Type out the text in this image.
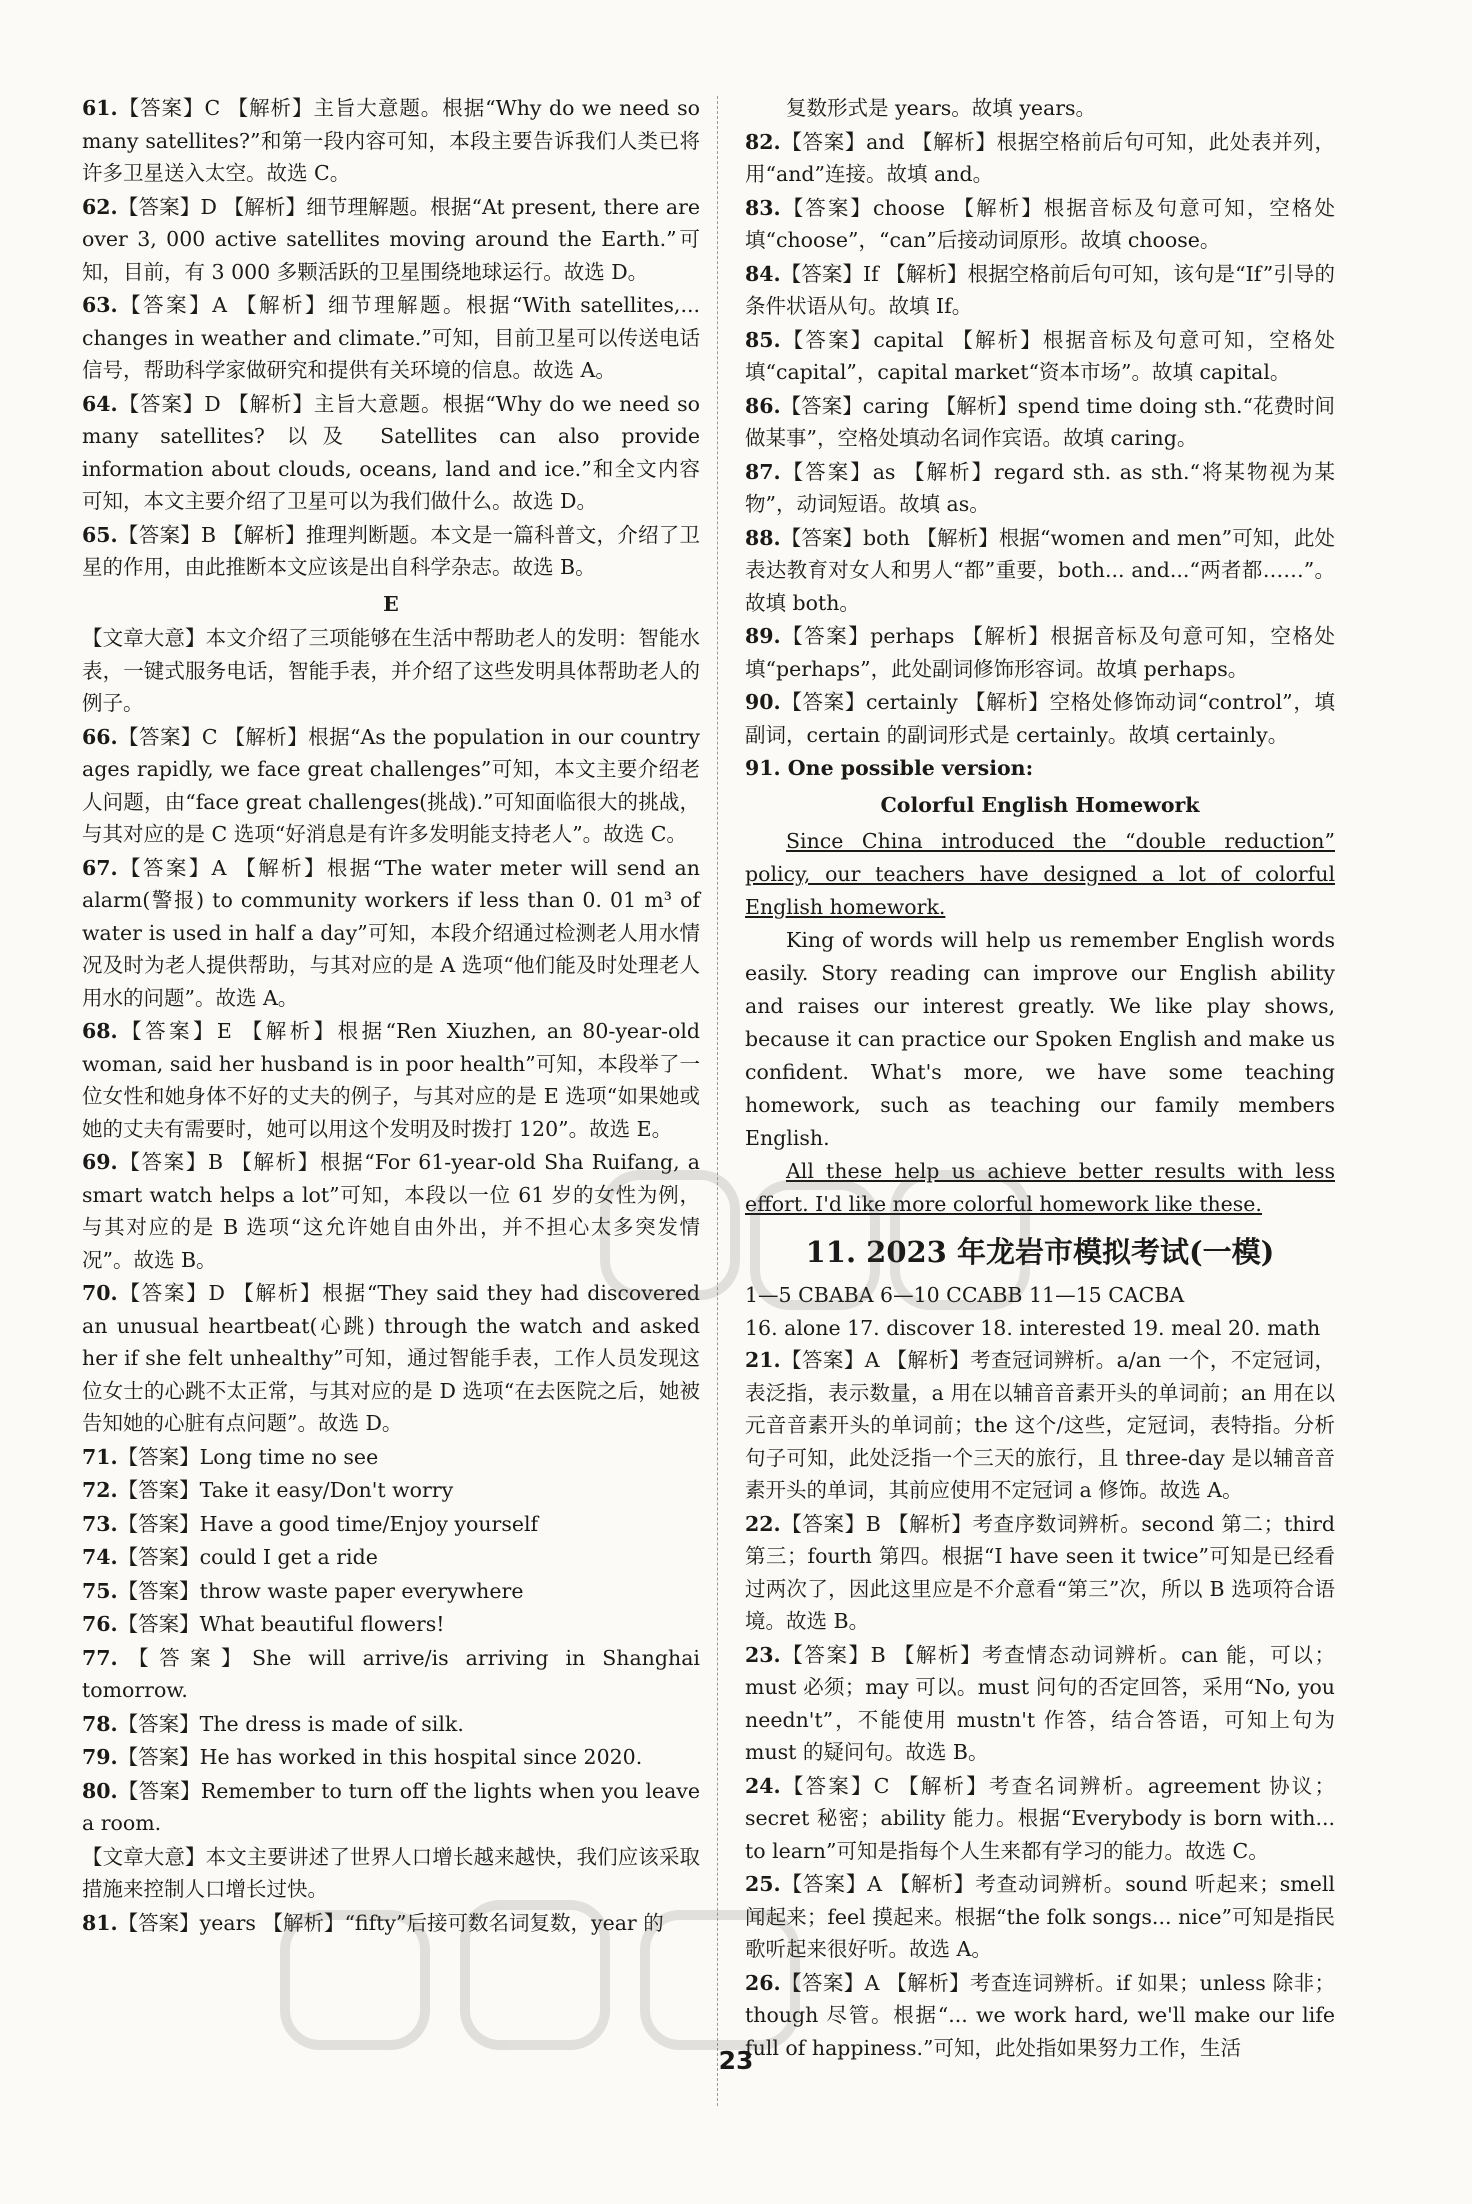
61.【答案】C 【解析】主旨大意题。根据“Why do we need so many satellites?”和第一段内容可知，本段主要告诉我们人类已将许多卫星送入太空。故选 C。
62.【答案】D 【解析】细节理解题。根据“At present, there are over 3, 000 active satellites moving around the Earth.”可知，目前，有 3 000 多颗活跃的卫星围绕地球运行。故选 D。
63.【答案】A 【解析】细节理解题。根据“With satellites,... changes in weather and climate.”可知，目前卫星可以传送电话信号，帮助科学家做研究和提供有关环境的信息。故选 A。
64.【答案】D 【解析】主旨大意题。根据“Why do we need so many satellites? 以及 Satellites can also provide information about clouds, oceans, land and ice.”和全文内容可知，本文主要介绍了卫星可以为我们做什么。故选 D。
65.【答案】B 【解析】推理判断题。本文是一篇科普文，介绍了卫星的作用，由此推断本文应该是出自科学杂志。故选 B。
E
【文章大意】本文介绍了三项能够在生活中帮助老人的发明：智能水表，一键式服务电话，智能手表，并介绍了这些发明具体帮助老人的例子。
66.【答案】C 【解析】根据“As the population in our country ages rapidly, we face great challenges”可知，本文主要介绍老人问题，由“face great challenges(挑战).”可知面临很大的挑战，与其对应的是 C 选项“好消息是有许多发明能支持老人”。故选 C。
67.【答案】A 【解析】根据“The water meter will send an alarm(警报) to community workers if less than 0. 01 m³ of water is used in half a day”可知，本段介绍通过检测老人用水情况及时为老人提供帮助，与其对应的是 A 选项“他们能及时处理老人用水的问题”。故选 A。
68.【答案】E 【解析】根据“Ren Xiuzhen, an 80-year-old woman, said her husband is in poor health”可知，本段举了一位女性和她身体不好的丈夫的例子，与其对应的是 E 选项“如果她或她的丈夫有需要时，她可以用这个发明及时拨打 120”。故选 E。
69.【答案】B 【解析】根据“For 61-year-old Sha Ruifang, a smart watch helps a lot”可知，本段以一位 61 岁的女性为例，与其对应的是 B 选项“这允许她自由外出，并不担心太多突发情况”。故选 B。
70.【答案】D 【解析】根据“They said they had discovered an unusual heartbeat(心跳) through the watch and asked her if she felt unhealthy”可知，通过智能手表，工作人员发现这位女士的心跳不太正常，与其对应的是 D 选项“在去医院之后，她被告知她的心脏有点问题”。故选 D。
71.【答案】Long time no see
72.【答案】Take it easy/Don't worry
73.【答案】Have a good time/Enjoy yourself
74.【答案】could I get a ride
75.【答案】throw waste paper everywhere
76.【答案】What beautiful flowers!
77.【答案】She will arrive/is arriving in Shanghai tomorrow.
78.【答案】The dress is made of silk.
79.【答案】He has worked in this hospital since 2020.
80.【答案】Remember to turn off the lights when you leave a room.
【文章大意】本文主要讲述了世界人口增长越来越快，我们应该采取措施来控制人口增长过快。
81.【答案】years 【解析】“fifty”后接可数名词复数，year 的
复数形式是 years。故填 years。
82.【答案】and 【解析】根据空格前后句可知，此处表并列，用“and”连接。故填 and。
83.【答案】choose 【解析】根据音标及句意可知，空格处填“choose”，“can”后接动词原形。故填 choose。
84.【答案】If 【解析】根据空格前后句可知，该句是“If”引导的条件状语从句。故填 If。
85.【答案】capital 【解析】根据音标及句意可知，空格处填“capital”，capital market“资本市场”。故填 capital。
86.【答案】caring 【解析】spend time doing sth.“花费时间做某事”，空格处填动名词作宾语。故填 caring。
87.【答案】as 【解析】regard sth. as sth.“将某物视为某物”，动词短语。故填 as。
88.【答案】both 【解析】根据“women and men”可知，此处表达教育对女人和男人“都”重要，both... and...“两者都……”。故填 both。
89.【答案】perhaps 【解析】根据音标及句意可知，空格处填“perhaps”，此处副词修饰形容词。故填 perhaps。
90.【答案】certainly 【解析】空格处修饰动词“control”，填副词，certain 的副词形式是 certainly。故填 certainly。
91. One possible version:
Colorful English Homework

Since China introduced the “double reduction” policy, our teachers have designed a lot of colorful English homework.

King of words will help us remember English words easily. Story reading can improve our English ability and raises our interest greatly. We like play shows, because it can practice our Spoken English and make us confident. What's more, we have some teaching homework, such as teaching our family members English.

All these help us achieve better results with less effort. I'd like more colorful homework like these.

11. 2023 年龙岩市模拟考试(一模)
1—5 CBABA 6—10 CCABB 11—15 CACBA
16. alone 17. discover 18. interested 19. meal 20. math
21.【答案】A 【解析】考查冠词辨析。a/an 一个，不定冠词，表泛指，表示数量，a 用在以辅音音素开头的单词前；an 用在以元音音素开头的单词前；the 这个/这些，定冠词，表特指。分析句子可知，此处泛指一个三天的旅行，且 three-day 是以辅音音素开头的单词，其前应使用不定冠词 a 修饰。故选 A。
22.【答案】B 【解析】考查序数词辨析。second 第二；third 第三；fourth 第四。根据“I have seen it twice”可知是已经看过两次了，因此这里应是不介意看“第三”次，所以 B 选项符合语境。故选 B。
23.【答案】B 【解析】考查情态动词辨析。can 能，可以；must 必须；may 可以。must 问句的否定回答，采用“No, you needn't”，不能使用 mustn't 作答，结合答语，可知上句为 must 的疑问句。故选 B。
24.【答案】C 【解析】考查名词辨析。agreement 协议；secret 秘密；ability 能力。根据“Everybody is born with... to learn”可知是指每个人生来都有学习的能力。故选 C。
25.【答案】A 【解析】考查动词辨析。sound 听起来；smell 闻起来；feel 摸起来。根据“the folk songs... nice”可知是指民歌听起来很好听。故选 A。
26.【答案】A 【解析】考查连词辨析。if 如果；unless 除非；though 尽管。根据“... we work hard, we'll make our life full of happiness.”可知，此处指如果努力工作，生活
23
